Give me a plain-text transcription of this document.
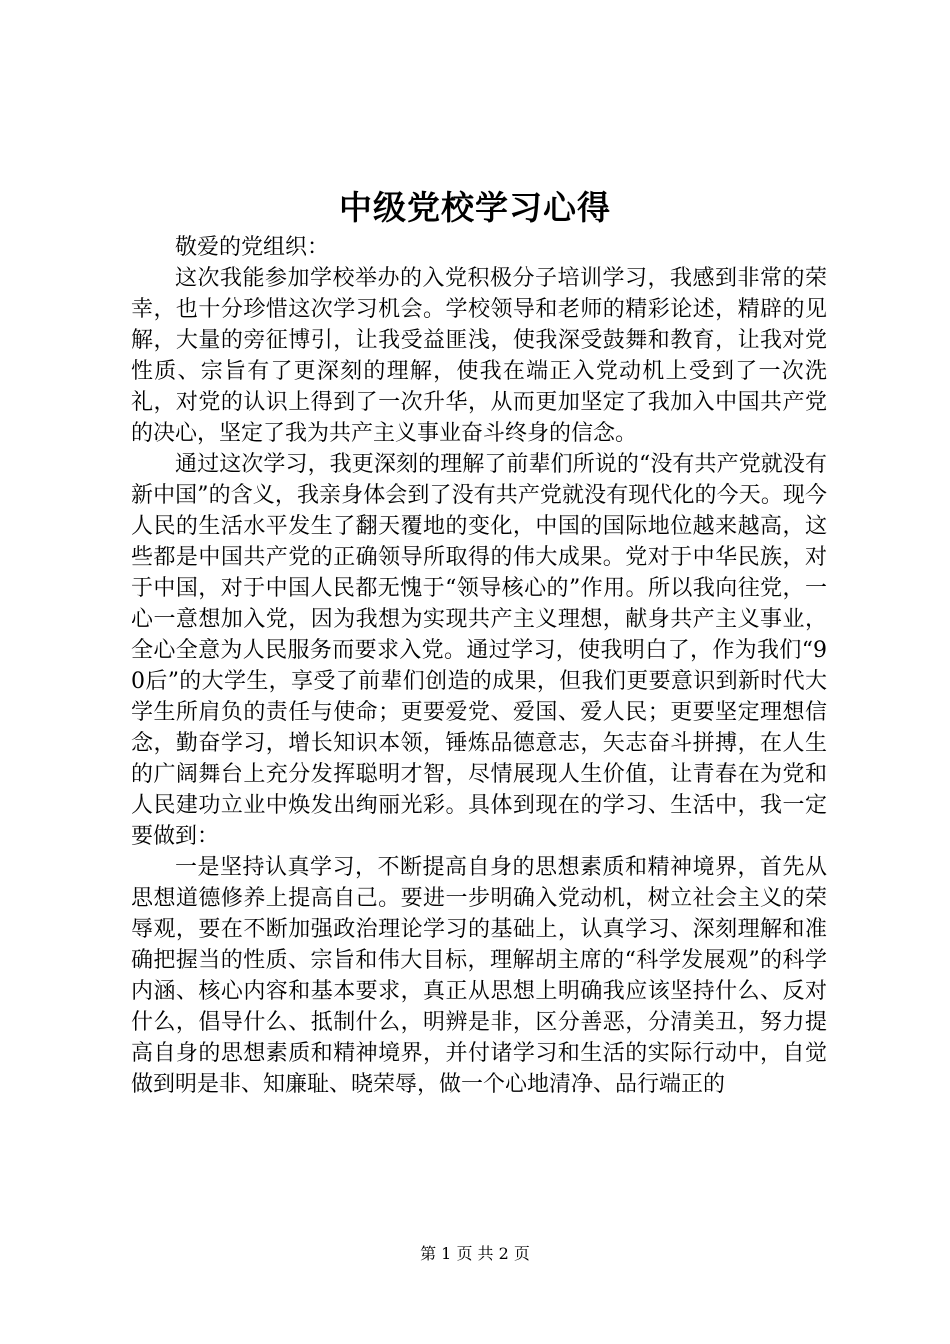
中级党校学习心得

敬爱的党组织：

这次我能参加学校举办的入党积极分子培训学习，我感到非常的荣幸，也十分珍惜这次学习机会。学校领导和老师的精彩论述，精辟的见解，大量的旁征博引，让我受益匪浅，使我深受鼓舞和教育，让我对党性质、宗旨有了更深刻的理解，使我在端正入党动机上受到了一次洗礼，对党的认识上得到了一次升华，从而更加坚定了我加入中国共产党的决心，坚定了我为共产主义事业奋斗终身的信念。

通过这次学习，我更深刻的理解了前辈们所说的“没有共产党就没有新中国”的含义，我亲身体会到了没有共产党就没有现代化的今天。现今人民的生活水平发生了翻天覆地的变化，中国的国际地位越来越高，这些都是中国共产党的正确领导所取得的伟大成果。党对于中华民族，对于中国，对于中国人民都无愧于“领导核心的”作用。所以我向往党，一心一意想加入党，因为我想为实现共产主义理想，献身共产主义事业，全心全意为人民服务而要求入党。通过学习，使我明白了，作为我们“90后”的大学生，享受了前辈们创造的成果，但我们更要意识到新时代大学生所肩负的责任与使命；更要爱党、爱国、爱人民；更要坚定理想信念，勤奋学习，增长知识本领，锤炼品德意志，矢志奋斗拼搏，在人生的广阔舞台上充分发挥聪明才智，尽情展现人生价值，让青春在为党和人民建功立业中焕发出绚丽光彩。具体到现在的学习、生活中，我一定要做到：

一是坚持认真学习，不断提高自身的思想素质和精神境界，首先从思想道德修养上提高自己。要进一步明确入党动机，树立社会主义的荣辱观，要在不断加强政治理论学习的基础上，认真学习、深刻理解和准确把握当的性质、宗旨和伟大目标，理解胡主席的“科学发展观”的科学内涵、核心内容和基本要求，真正从思想上明确我应该坚持什么、反对什么，倡导什么、抵制什么，明辨是非，区分善恶，分清美丑，努力提高自身的思想素质和精神境界，并付诸学习和生活的实际行动中，自觉做到明是非、知廉耻、晓荣辱，做一个心地清净、品行端正的

第 1 页 共 2 页
